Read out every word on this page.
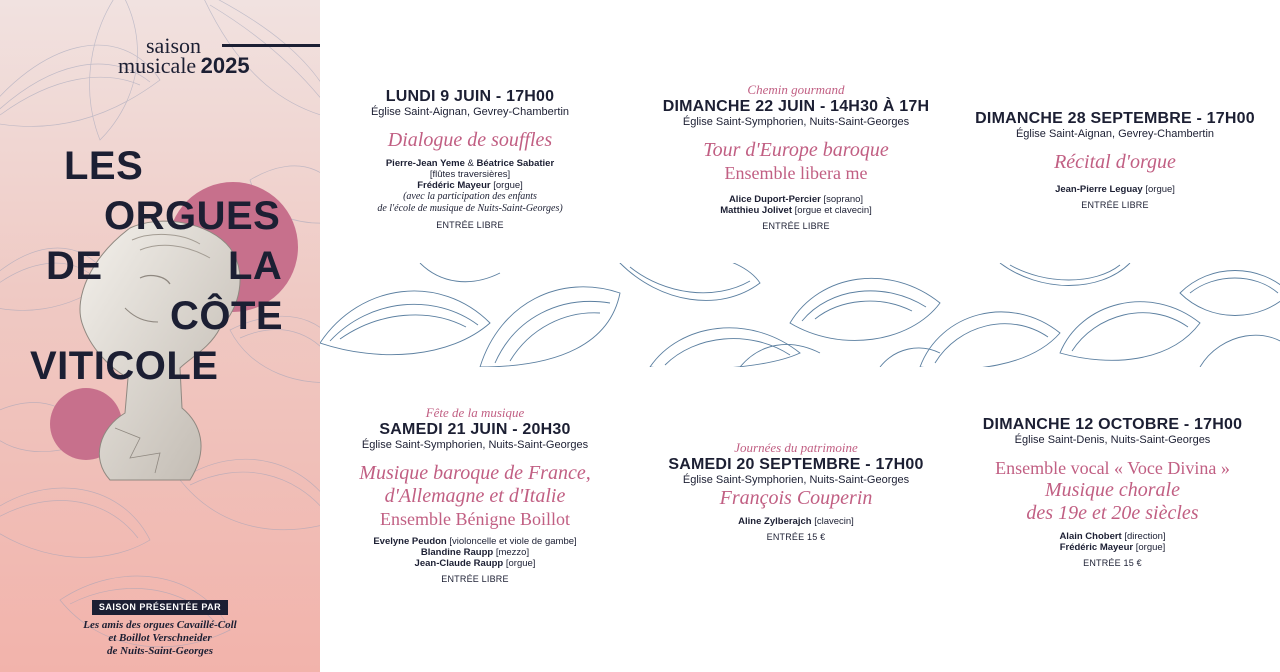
saison
musicale 2025
LES
ORGUES
DE	LA
CÔTE
VITICOLE
SAISON PRÉSENTÉE PAR
Les amis des orgues Cavaillé-Coll
et Boillot Verschneider
de Nuits-Saint-Georges
LUNDI 9 JUIN - 17H00
Église Saint-Aignan, Gevrey-Chambertin
Dialogue de souffles
Pierre-Jean Yeme & Béatrice Sabatier
[flûtes traversières]
Frédéric Mayeur [orgue]
(avec la participation des enfants
de l'école de musique de Nuits-Saint-Georges)
ENTRÉE LIBRE
Chemin gourmand
DIMANCHE 22 JUIN - 14H30 À 17H
Église Saint-Symphorien, Nuits-Saint-Georges
Tour d'Europe baroque
Ensemble libera me
Alice Duport-Percier [soprano]
Matthieu Jolivet [orgue et clavecin]
ENTRÉE LIBRE
DIMANCHE 28 SEPTEMBRE - 17H00
Église Saint-Aignan, Gevrey-Chambertin
Récital d'orgue
Jean-Pierre Leguay [orgue]
ENTRÉE LIBRE
Fête de la musique
SAMEDI 21 JUIN - 20H30
Église Saint-Symphorien, Nuits-Saint-Georges
Musique baroque de France,
d'Allemagne et d'Italie
Ensemble Bénigne Boillot
Evelyne Peudon [violoncelle et viole de gambe]
Blandine Raupp [mezzo]
Jean-Claude Raupp [orgue]
ENTRÉE LIBRE
Journées du patrimoine
SAMEDI 20 SEPTEMBRE - 17H00
Église Saint-Symphorien, Nuits-Saint-Georges
François Couperin
Aline Zylberajch [clavecin]
ENTRÉE 15 €
DIMANCHE 12 OCTOBRE - 17H00
Église Saint-Denis, Nuits-Saint-Georges
Ensemble vocal « Voce Divina »
Musique chorale
des 19e et 20e siècles
Alain Chobert [direction]
Frédéric Mayeur [orgue]
ENTRÉE 15 €
